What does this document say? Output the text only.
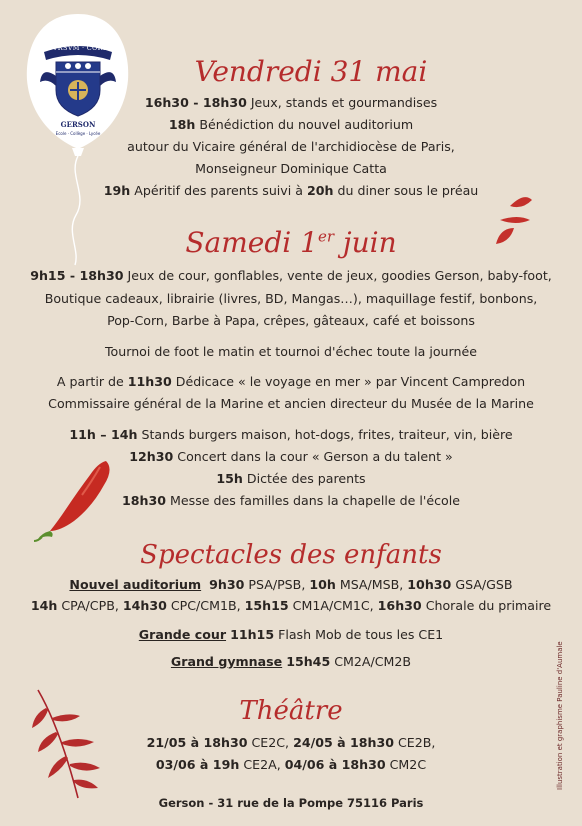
SVRSVM · CORDA
GERSON
Ecole · Collège · Lycée
Vendredi 31 mai
16h30 - 18h30 Jeux, stands et gourmandises
18h Bénédiction du nouvel auditorium
autour du Vicaire général de l'archidiocèse de Paris,
Monseigneur Dominique Catta
19h Apéritif des parents suivi à 20h du diner sous le préau
Samedi 1er juin
9h15 - 18h30 Jeux de cour, gonflables, vente de jeux, goodies Gerson, baby-foot,
Boutique cadeaux, librairie (livres, BD, Mangas…), maquillage festif, bonbons,
Pop-Corn, Barbe à Papa, crêpes, gâteaux, café et boissons
Tournoi de foot le matin et tournoi d'échec toute la journée
A partir de 11h30 Dédicace « le voyage en mer » par Vincent Campredon
Commissaire général de la Marine et ancien directeur du Musée de la Marine
11h – 14h Stands burgers maison, hot-dogs, frites, traiteur, vin, bière
12h30 Concert dans la cour « Gerson a du talent »
15h Dictée des parents
18h30 Messe des familles dans la chapelle de l'école
Spectacles des enfants
Nouvel auditorium 9h30 PSA/PSB, 10h MSA/MSB, 10h30 GSA/GSB
14h CPA/CPB, 14h30 CPC/CM1B, 15h15 CM1A/CM1C, 16h30 Chorale du primaire
Grande cour 11h15 Flash Mob de tous les CE1
Grand gymnase 15h45 CM2A/CM2B
Théâtre
21/05 à 18h30 CE2C, 24/05 à 18h30 CE2B,
03/06 à 19h CE2A, 04/06 à 18h30 CM2C
Gerson - 31 rue de la Pompe 75116 Paris
Illustration et graphisme Pauline d'Aumale
